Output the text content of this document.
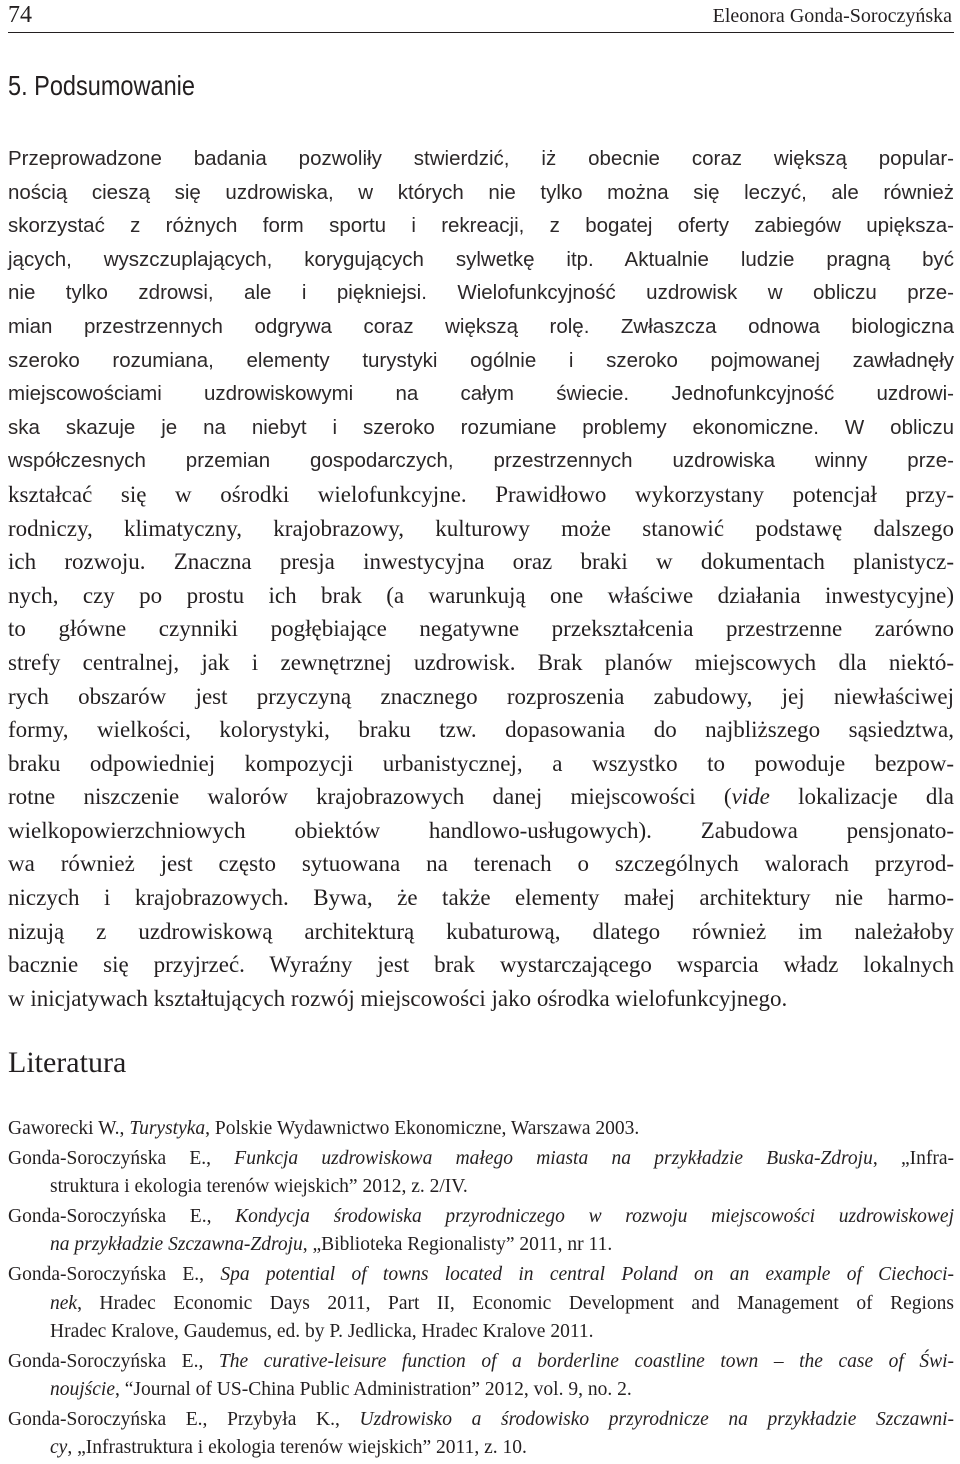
74	Eleonora Gonda-Soroczyńska
5. Podsumowanie
Przeprowadzone badania pozwoliły stwierdzić, iż obecnie coraz większą popular-
nością cieszą się uzdrowiska, w których nie tylko można się leczyć, ale również
skorzystać z różnych form sportu i rekreacji, z bogatej oferty zabiegów upiększa-
jących, wyszczuplających, korygujących sylwetkę itp. Aktualnie ludzie pragną być
nie tylko zdrowsi, ale i piękniejsi. Wielofunkcyjność uzdrowisk w obliczu prze-
mian przestrzennych odgrywa coraz większą rolę. Zwłaszcza odnowa biologiczna
szeroko rozumiana, elementy turystyki ogólnie i szeroko pojmowanej zawładnęły
miejscowościami uzdrowiskowymi na całym świecie. Jednofunkcyjność uzdrowi-
ska skazuje je na niebyt i szeroko rozumiane problemy ekonomiczne. W obliczu
współczesnych przemian gospodarczych, przestrzennych uzdrowiska winny prze-
kształcać się w ośrodki wielofunkcyjne. Prawidłowo wykorzystany potencjał przy-
rodniczy, klimatyczny, krajobrazowy, kulturowy może stanowić podstawę dalszego
ich rozwoju. Znaczna presja inwestycyjna oraz braki w dokumentach planistycz-
nych, czy po prostu ich brak (a warunkują one właściwe działania inwestycyjne)
to główne czynniki pogłębiające negatywne przekształcenia przestrzenne zarówno
strefy centralnej, jak i zewnętrznej uzdrowisk. Brak planów miejscowych dla niektó-
rych obszarów jest przyczyną znacznego rozproszenia zabudowy, jej niewłaściwej
formy, wielkości, kolorystyki, braku tzw. dopasowania do najbliższego sąsiedztwa,
braku odpowiedniej kompozycji urbanistycznej, a wszystko to powoduje bezpow-
rotne niszczenie walorów krajobrazowych danej miejscowości (vide lokalizacje dla
wielkopowierzchniowych obiektów handlowo-usługowych). Zabudowa pensjonato-
wa również jest często sytuowana na terenach o szczególnych walorach przyrod-
niczych i krajobrazowych. Bywa, że także elementy małej architektury nie harmo-
nizują z uzdrowiskową architekturą kubaturową, dlatego również im należałoby
bacznie się przyjrzeć. Wyraźny jest brak wystarczającego wsparcia władz lokalnych
w inicjatywach kształtujących rozwój miejscowości jako ośrodka wielofunkcyjnego.
Literatura
Gaworecki W., Turystyka, Polskie Wydawnictwo Ekonomiczne, Warszawa 2003.
Gonda-Soroczyńska E., Funkcja uzdrowiskowa małego miasta na przykładzie Buska-Zdroju, „Infra-
struktura i ekologia terenów wiejskich” 2012, z. 2/IV.
Gonda-Soroczyńska E., Kondycja środowiska przyrodniczego w rozwoju miejscowości uzdrowiskowej
na przykładzie Szczawna-Zdroju, „Biblioteka Regionalisty” 2011, nr 11.
Gonda-Soroczyńska E., Spa potential of towns located in central Poland on an example of Ciechoci-
nek, Hradec Economic Days 2011, Part II, Economic Development and Management of Regions
Hradec Kralove, Gaudemus, ed. by P. Jedlicka, Hradec Kralove 2011.
Gonda-Soroczyńska E., The curative-leisure function of a borderline coastline town – the case of Świ-
noujście, “Journal of US-China Public Administration” 2012, vol. 9, no. 2.
Gonda-Soroczyńska E., Przybyła K., Uzdrowisko a środowisko przyrodnicze na przykładzie Szczawni-
cy, „Infrastruktura i ekologia terenów wiejskich” 2011, z. 10.
